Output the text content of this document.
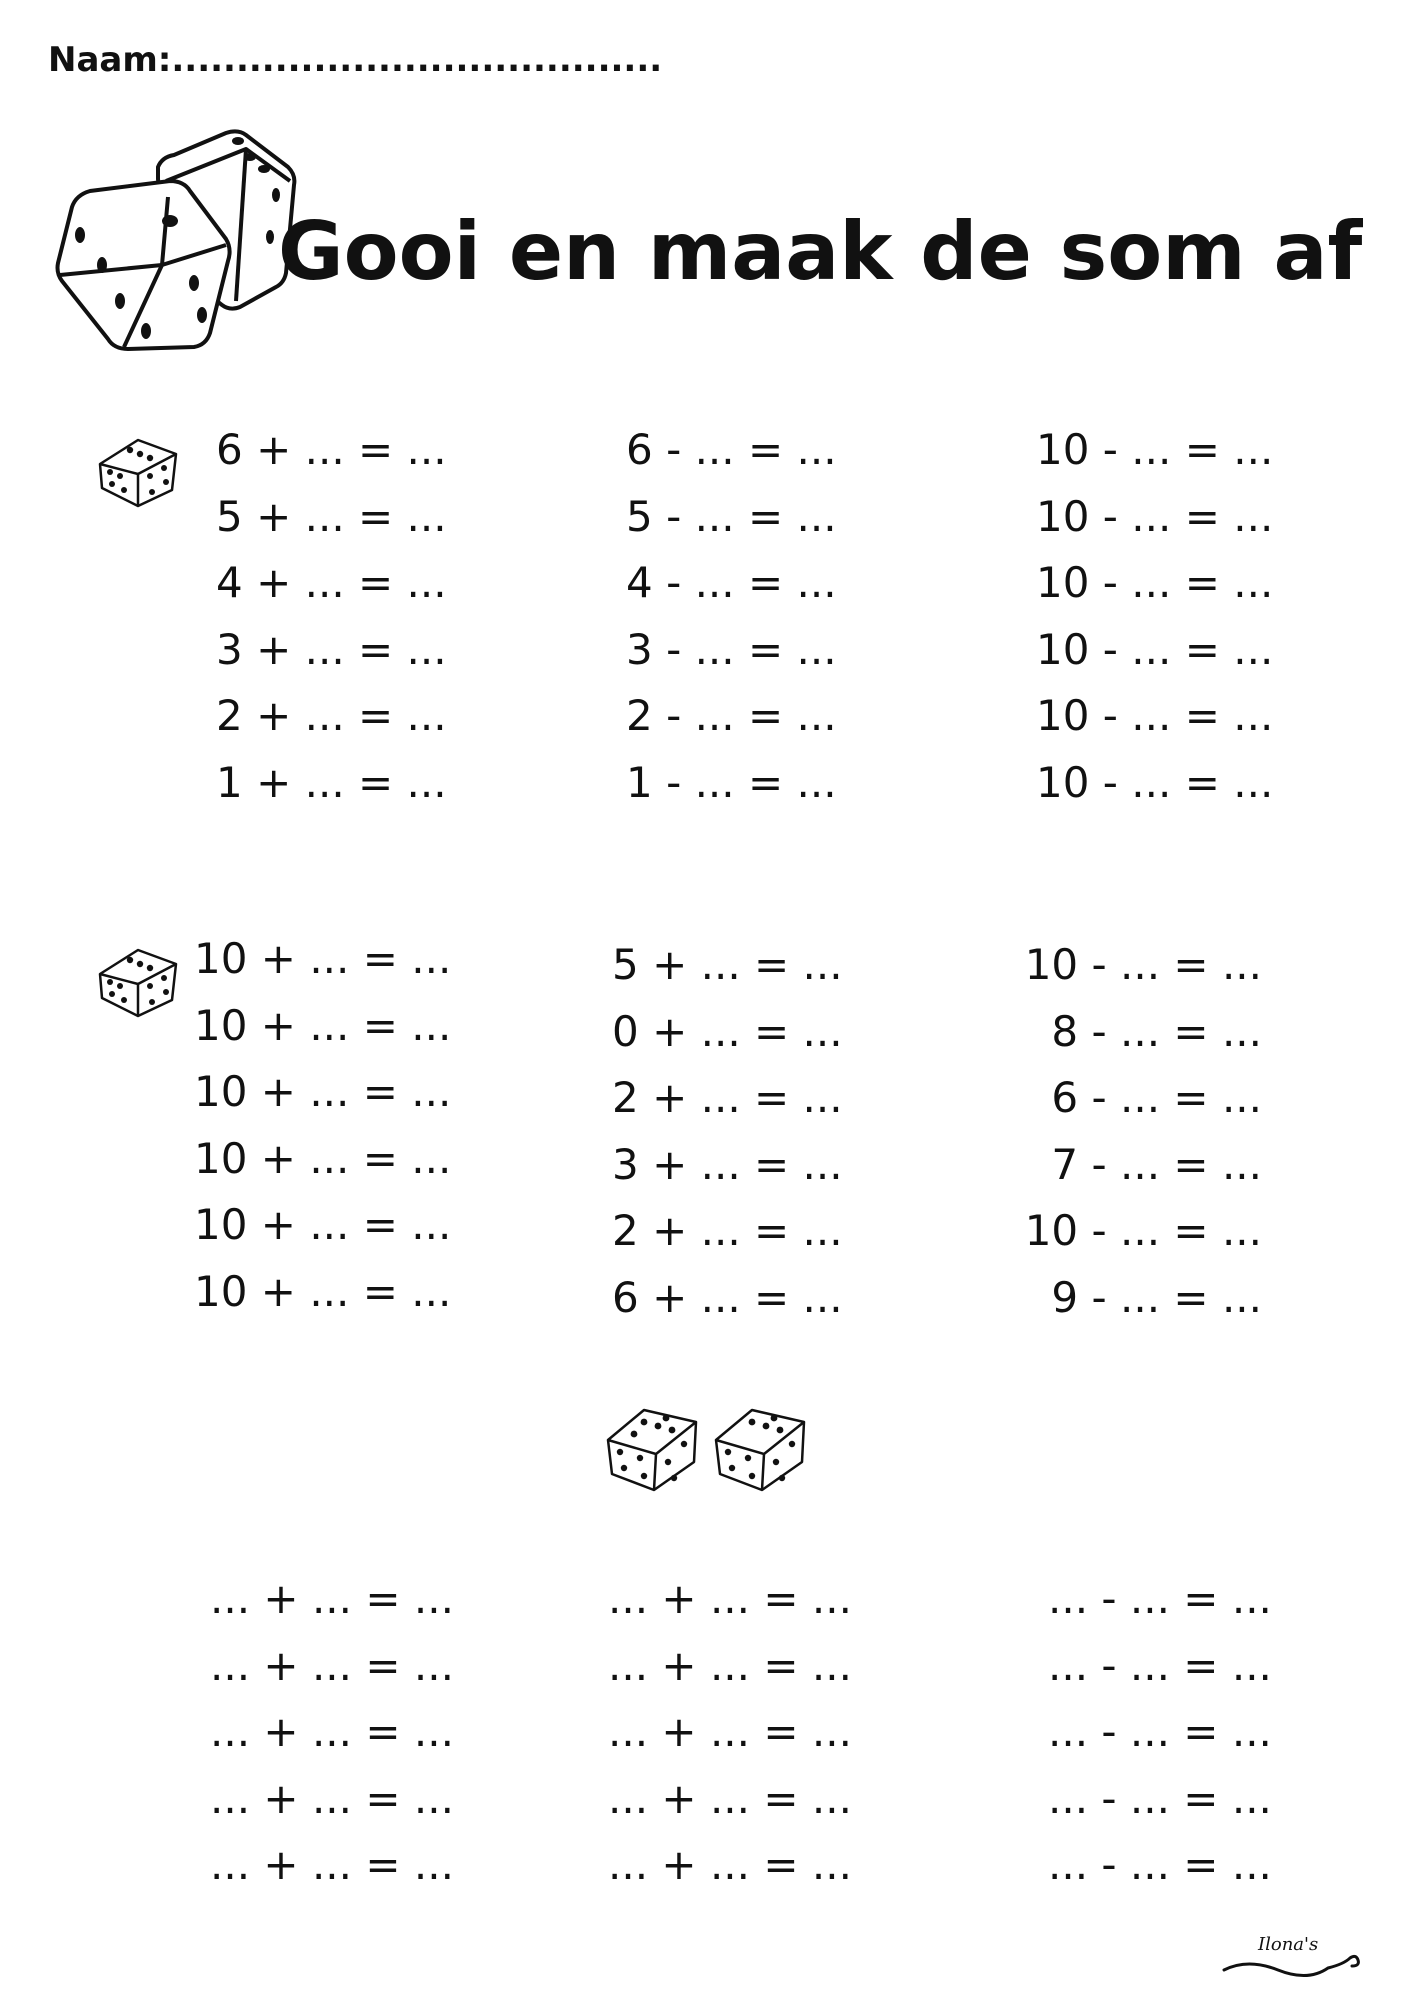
Naam:......................................
Gooi en maak de som af
6 + ... = ...
5 + ... = ...
4 + ... = ...
3 + ... = ...
2 + ... = ...
1 + ... = ...
6 - ... = ...
5 - ... = ...
4 - ... = ...
3 - ... = ...
2 - ... = ...
1 - ... = ...
10 - ... = ...
10 - ... = ...
10 - ... = ...
10 - ... = ...
10 - ... = ...
10 - ... = ...
10 + ... = ...
10 + ... = ...
10 + ... = ...
10 + ... = ...
10 + ... = ...
10 + ... = ...
5 + ... = ...
0 + ... = ...
2 + ... = ...
3 + ... = ...
2 + ... = ...
6 + ... = ...
10 - ... = ...
8 - ... = ...
6 - ... = ...
7 - ... = ...
10 - ... = ...
9 - ... = ...
... + ... = ...
... + ... = ...
... + ... = ...
... + ... = ...
... + ... = ...
... + ... = ...
... + ... = ...
... + ... = ...
... + ... = ...
... + ... = ...
... - ... = ...
... - ... = ...
... - ... = ...
... - ... = ...
... - ... = ...
Ilona's
